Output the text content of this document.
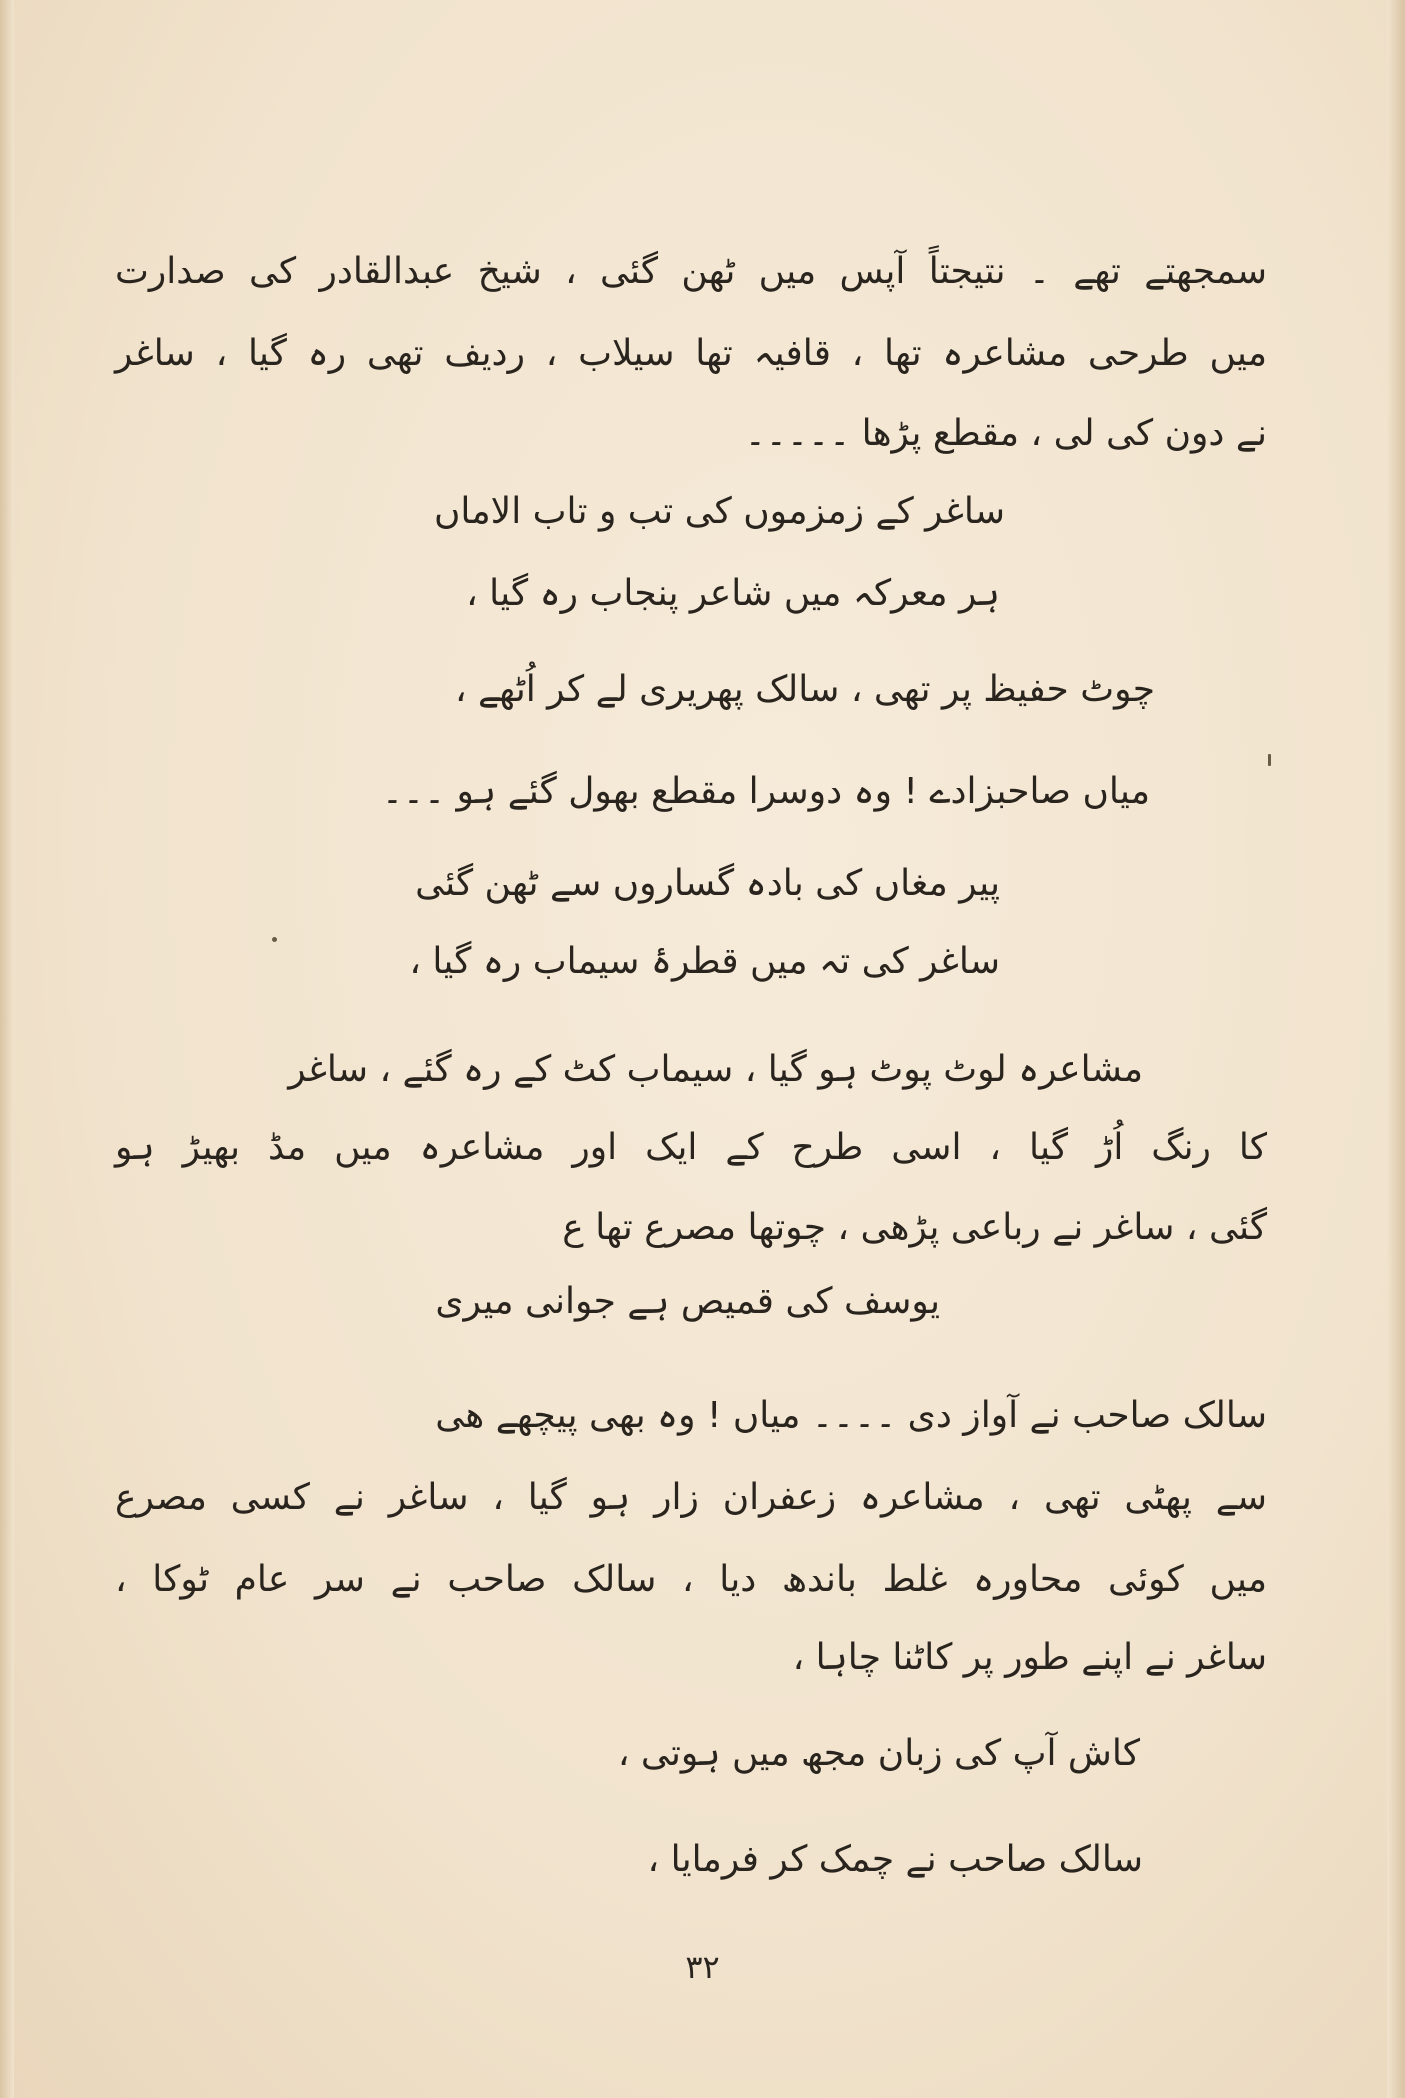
سمجھتے تھے ۔ نتیجتاً آپس میں ٹھن گئی ، شیخ عبدالقادر کی صدارت
میں طرحی مشاعرہ تھا ، قافیہ تھا سیلاب ، ردیف تھی رہ گیا ، ساغر
نے دون کی لی ، مقطع پڑھا ۔۔۔۔۔
ساغر کے زمزموں کی تب و تاب الاماں
ہر معرکہ میں شاعر پنجاب رہ گیا ،
چوٹ حفیظ پر تھی ، سالک پھریری لے کر اُٹھے ،
میاں صاحبزادے ! وہ دوسرا مقطع بھول گئے ہو ۔۔۔
پیر مغاں کی بادہ گساروں سے ٹھن گئی
ساغر کی تہ میں قطرۂ سیماب رہ گیا ،
مشاعرہ لوٹ پوٹ ہو گیا ، سیماب کٹ کے رہ گئے ، ساغر
کا رنگ اُڑ گیا ، اسی طرح کے ایک اور مشاعرہ میں مڈ بھیڑ ہو
گئی ، ساغر نے رباعی پڑھی ، چوتھا مصرع تھا ع
یوسف کی قمیص ہے جوانی میری
سالک صاحب نے آواز دی ۔۔۔۔ میاں ! وہ بھی پیچھے ھی
سے پھٹی تھی ، مشاعرہ زعفران زار ہو گیا ، ساغر نے کسی مصرع
میں کوئی محاورہ غلط باندھ دیا ، سالک صاحب نے سر عام ٹوکا ،
ساغر نے اپنے طور پر کاٹنا چاہا ،
کاش آپ کی زبان مجھ میں ہوتی ،
سالک صاحب نے چمک کر فرمایا ،
۳۲
